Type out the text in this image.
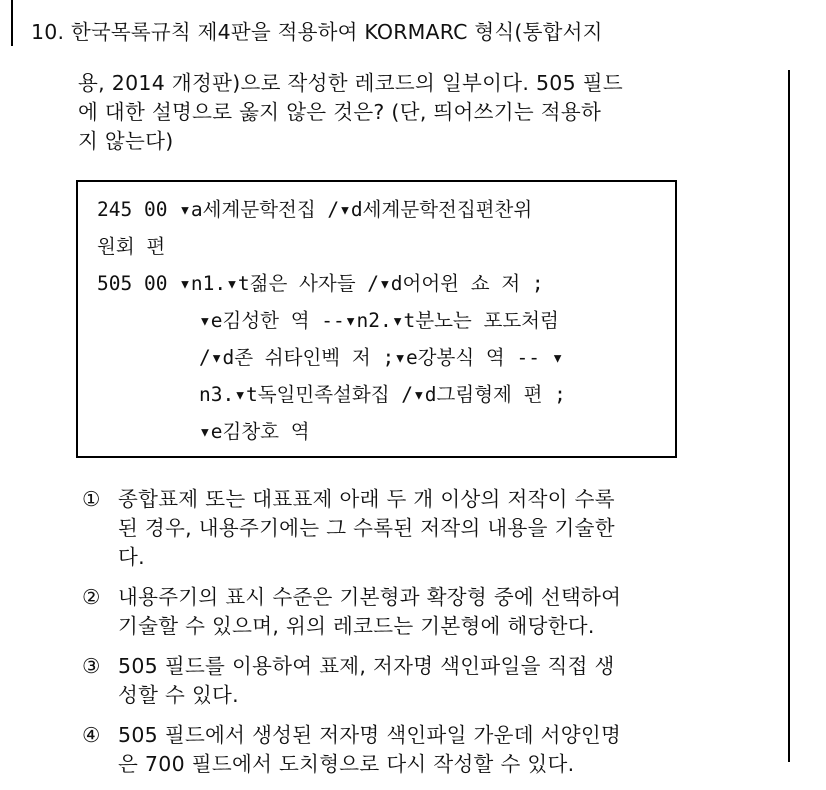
10. 한국목록규칙 제4판을 적용하여 KORMARC 형식(통합서지

용, 2014 개정판)으로 작성한 레코드의 일부이다. 505 필드
에 대한 설명으로 옳지 않은 것은? (단, 띄어쓰기는 적용하
지 않는다)

245 00 ▾a세계문학전집 /▾d세계문학전집편찬위
원회 편
505 00 ▾n1.▾t젊은 사자들 /▾d어어윈 쇼 저 ;
▾e김성한 역 --▾n2.▾t분노는 포도처럼
/▾d존 쉬타인벡 저 ;▾e강봉식 역 -- ▾
n3.▾t독일민족설화집 /▾d그림형제 편 ;
▾e김창호 역
① 종합표제 또는 대표표제 아래 두 개 이상의 저작이 수록
된 경우, 내용주기에는 그 수록된 저작의 내용을 기술한
다.
② 내용주기의 표시 수준은 기본형과 확장형 중에 선택하여
기술할 수 있으며, 위의 레코드는 기본형에 해당한다.
③ 505 필드를 이용하여 표제, 저자명 색인파일을 직접 생
성할 수 있다.
④ 505 필드에서 생성된 저자명 색인파일 가운데 서양인명
은 700 필드에서 도치형으로 다시 작성할 수 있다.
